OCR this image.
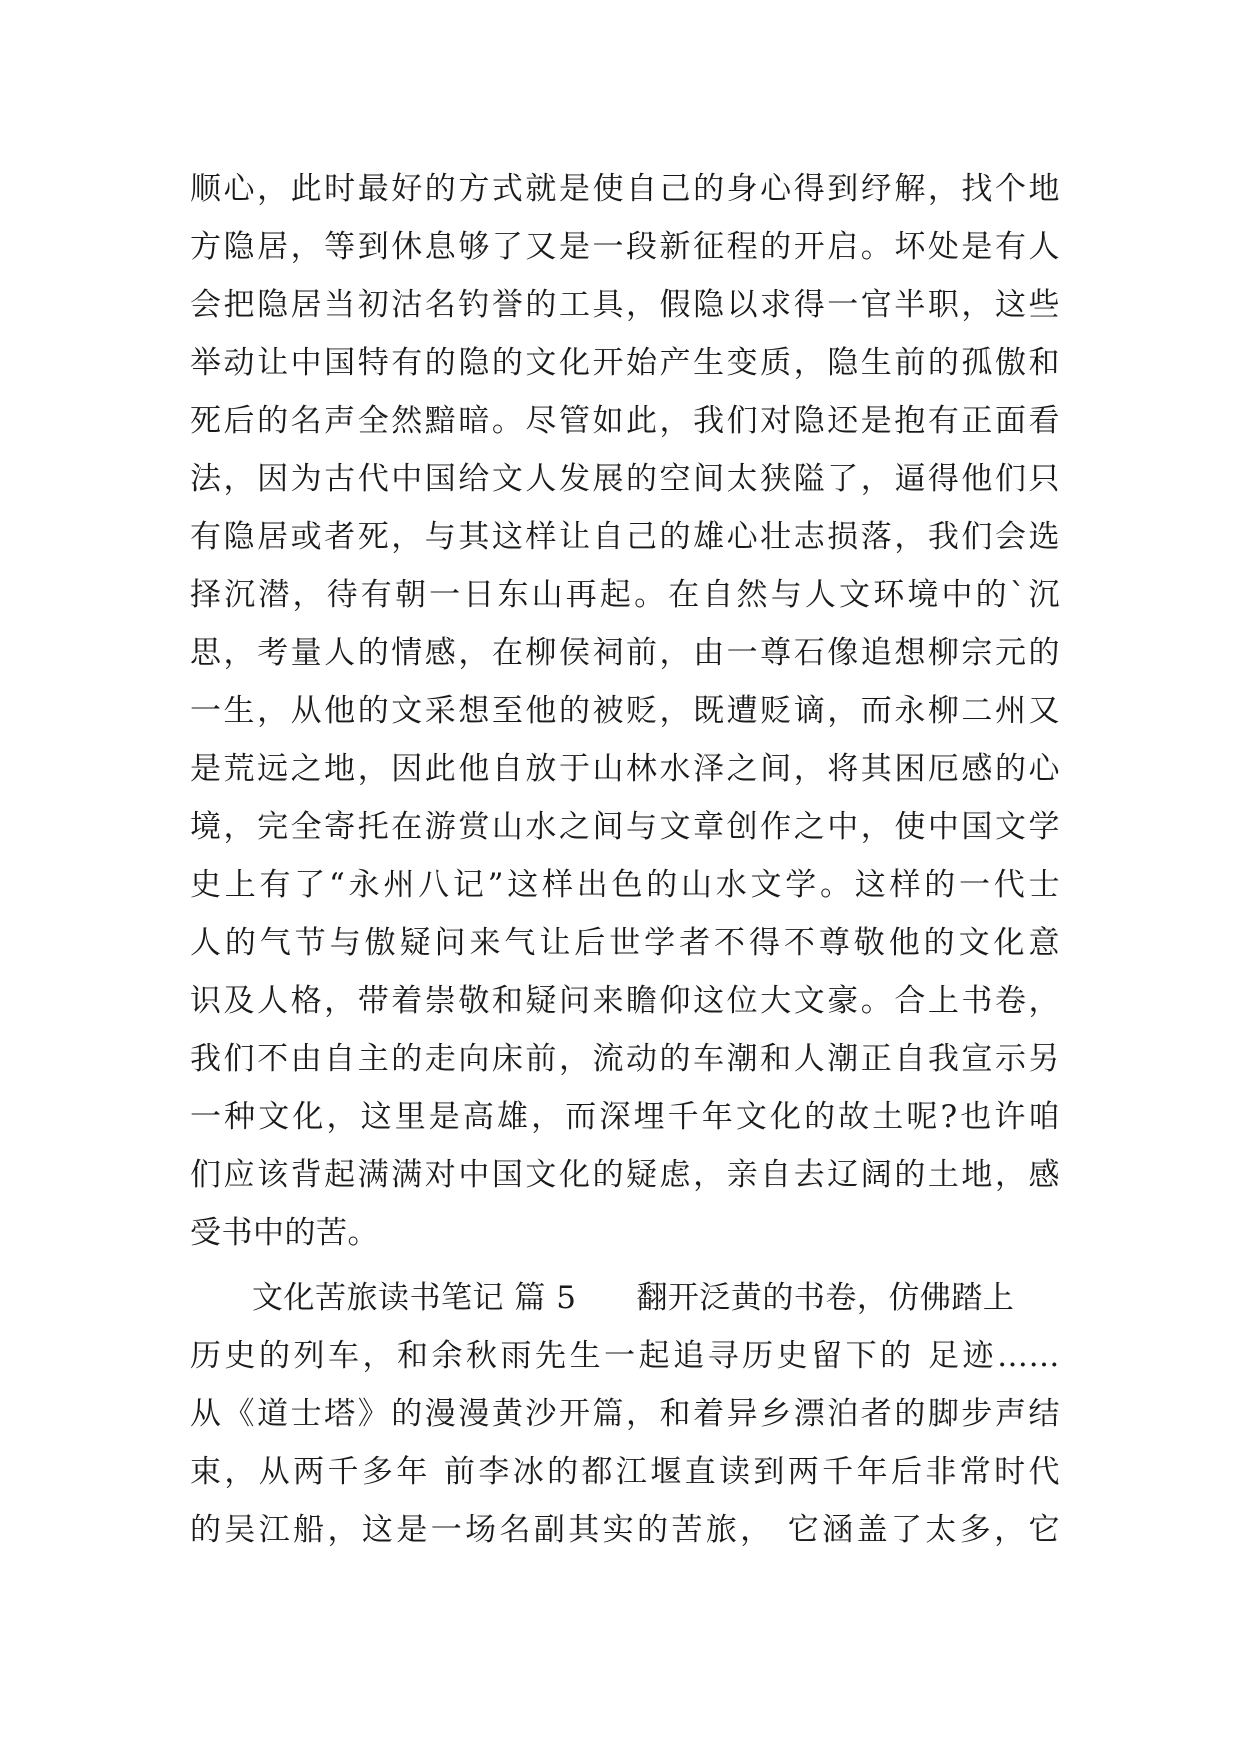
顺心，此时最好的方式就是使自己的身心得到纾解，找个地
方隐居，等到休息够了又是一段新征程的开启。坏处是有人
会把隐居当初沽名钓誉的工具，假隐以求得一官半职，这些
举动让中国特有的隐的文化开始产生变质，隐生前的孤傲和
死后的名声全然黯暗。尽管如此，我们对隐还是抱有正面看
法，因为古代中国给文人发展的空间太狭隘了，逼得他们只
有隐居或者死，与其这样让自己的雄心壮志损落，我们会选
择沉潜，待有朝一日东山再起。在自然与人文环境中的`沉
思，考量人的情感，在柳侯祠前，由一尊石像追想柳宗元的
一生，从他的文采想至他的被贬，既遭贬谪，而永柳二州又
是荒远之地，因此他自放于山林水泽之间，将其困厄感的心
境，完全寄托在游赏山水之间与文章创作之中，使中国文学
史上有了“永州八记”这样出色的山水文学。这样的一代士
人的气节与傲疑问来气让后世学者不得不尊敬他的文化意
识及人格，带着崇敬和疑问来瞻仰这位大文豪。合上书卷，
我们不由自主的走向床前，流动的车潮和人潮正自我宣示另
一种文化，这里是高雄，而深埋千年文化的故土呢?也许咱
们应该背起满满对中国文化的疑虑，亲自去辽阔的土地，感
受书中的苦。
文化苦旅读书笔记 篇 5 翻开泛黄的书卷，仿佛踏上
历史的列车，和余秋雨先生一起追寻历史留下的 足迹……
从《道士塔》的漫漫黄沙开篇，和着异乡漂泊者的脚步声结
束，从两千多年 前李冰的都江堰直读到两千年后非常时代
的吴江船，这是一场名副其实的苦旅， 它涵盖了太多，它
